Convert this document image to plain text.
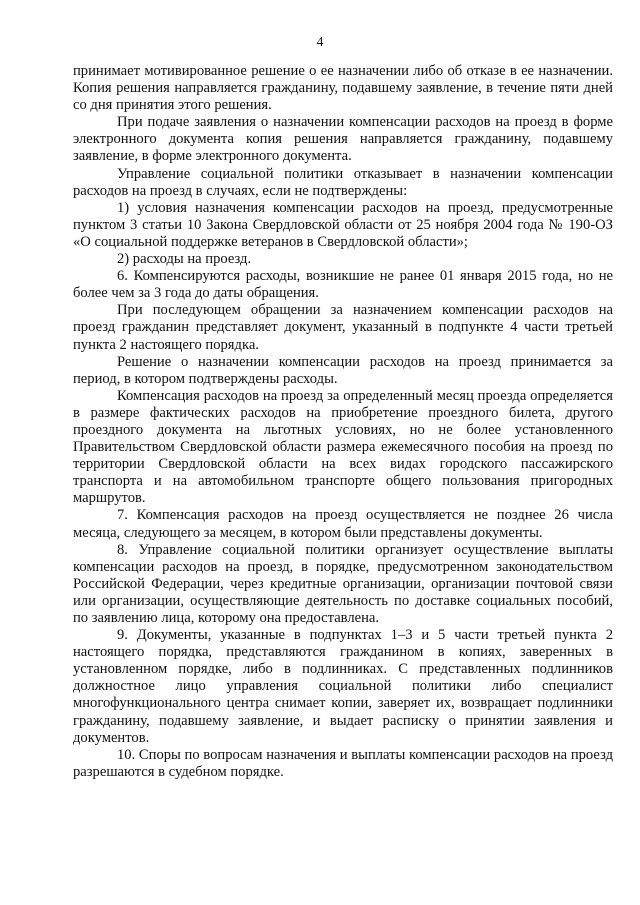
4

принимает мотивированное решение о ее назначении либо об отказе в ее назначении. Копия решения направляется гражданину, подавшему заявление, в течение пяти дней со дня принятия этого решения.

При подаче заявления о назначении компенсации расходов на проезд в форме электронного документа копия решения направляется гражданину, подавшему заявление, в форме электронного документа.

Управление социальной политики отказывает в назначении компенсации расходов на проезд в случаях, если не подтверждены:

1) условия назначения компенсации расходов на проезд, предусмотренные пунктом 3 статьи 10 Закона Свердловской области от 25 ноября 2004 года № 190-ОЗ «О социальной поддержке ветеранов в Свердловской области»;

2) расходы на проезд.

6. Компенсируются расходы, возникшие не ранее 01 января 2015 года, но не более чем за 3 года до даты обращения.

При последующем обращении за назначением компенсации расходов на проезд гражданин представляет документ, указанный в подпункте 4 части третьей пункта 2 настоящего порядка.

Решение о назначении компенсации расходов на проезд принимается за период, в котором подтверждены расходы.

Компенсация расходов на проезд за определенный месяц проезда определяется в размере фактических расходов на приобретение проездного билета, другого проездного документа на льготных условиях, но не более установленного Правительством Свердловской области размера ежемесячного пособия на проезд по территории Свердловской области на всех видах городского пассажирского транспорта и на автомобильном транспорте общего пользования пригородных маршрутов.

7. Компенсация расходов на проезд осуществляется не позднее 26 числа месяца, следующего за месяцем, в котором были представлены документы.

8. Управление социальной политики организует осуществление выплаты компенсации расходов на проезд, в порядке, предусмотренном законодательством Российской Федерации, через кредитные организации, организации почтовой связи или организации, осуществляющие деятельность по доставке социальных пособий, по заявлению лица, которому она предоставлена.

9. Документы, указанные в подпунктах 1–3 и 5 части третьей пункта 2 настоящего порядка, представляются гражданином в копиях, заверенных в установленном порядке, либо в подлинниках. С представленных подлинников должностное лицо управления социальной политики либо специалист многофункционального центра снимает копии, заверяет их, возвращает подлинники гражданину, подавшему заявление, и выдает расписку о принятии заявления и документов.

10. Споры по вопросам назначения и выплаты компенсации расходов на проезд разрешаются в судебном порядке.
